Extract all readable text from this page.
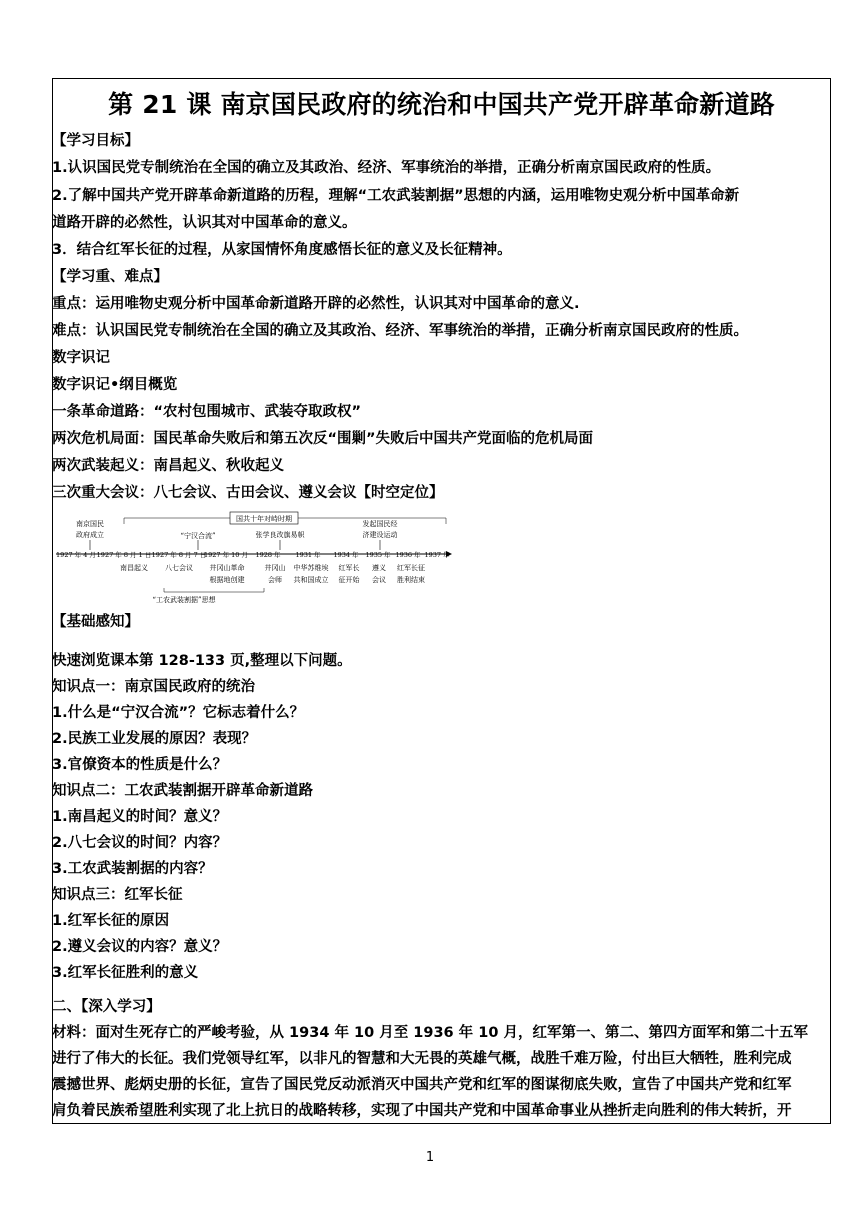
第 21 课 南京国民政府的统治和中国共产党开辟革命新道路
【学习目标】
1.认识国民党专制统治在全国的确立及其政治、经济、军事统治的举措，正确分析南京国民政府的性质。
2.了解中国共产党开辟革命新道路的历程，理解“工农武装割据”思想的内涵，运用唯物史观分析中国革命新
道路开辟的必然性，认识其对中国革命的意义。
3．结合红军长征的过程，从家国情怀角度感悟长征的意义及长征精神。
【学习重、难点】
重点：运用唯物史观分析中国革命新道路开辟的必然性，认识其对中国革命的意义.
难点：认识国民党专制统治在全国的确立及其政治、经济、军事统治的举措，正确分析南京国民政府的性质。
数字识记
数字识记•纲目概览
一条革命道路：“农村包围城市、武装夺取政权”
两次危机局面：国民革命失败后和第五次反“围剿”失败后中国共产党面临的危机局面
两次武装起义：南昌起义、秋收起义
三次重大会议：八七会议、古田会议、遵义会议【时空定位】
南京国民
政府成立	“宁汉合流”
国共十年对峙时期
张学良改旗易帜
发起国民经
济建设运动
1927 年 4 月 1927 年 8 月 1 日 1927 年 8 月 7 日
1927 年 10 月 1928 年 1931 年 1934 年 1935 年 1936 年 1937 年
南昌起义 八七会议 井冈山革命	井冈山 中华苏维埃 红军长 遵义 红军长征
根据地创建	会师 共和国成立 征开始 会议 胜利结束
“工农武装割据”思想
【基础感知】
快速浏览课本第 128-133 页,整理以下问题。
知识点一：南京国民政府的统治
1.什么是“宁汉合流”？它标志着什么？
2.民族工业发展的原因？表现？
3.官僚资本的性质是什么？
知识点二：工农武装割据开辟革命新道路
1.南昌起义的时间？意义？
2.八七会议的时间？内容？
3.工农武装割据的内容？
知识点三：红军长征
1.红军长征的原因
2.遵义会议的内容？意义？
3.红军长征胜利的意义
二、【深入学习】
材料：面对生死存亡的严峻考验，从 1934 年 10 月至 1936 年 10 月，红军第一、第二、第四方面军和第二十五军
进行了伟大的长征。我们党领导红军，以非凡的智慧和大无畏的英雄气概，战胜千难万险，付出巨大牺牲，胜利完成
震撼世界、彪炳史册的长征，宣告了国民党反动派消灭中国共产党和红军的图谋彻底失败，宣告了中国共产党和红军
肩负着民族希望胜利实现了北上抗日的战略转移，实现了中国共产党和中国革命事业从挫折走向胜利的伟大转折，开
1
